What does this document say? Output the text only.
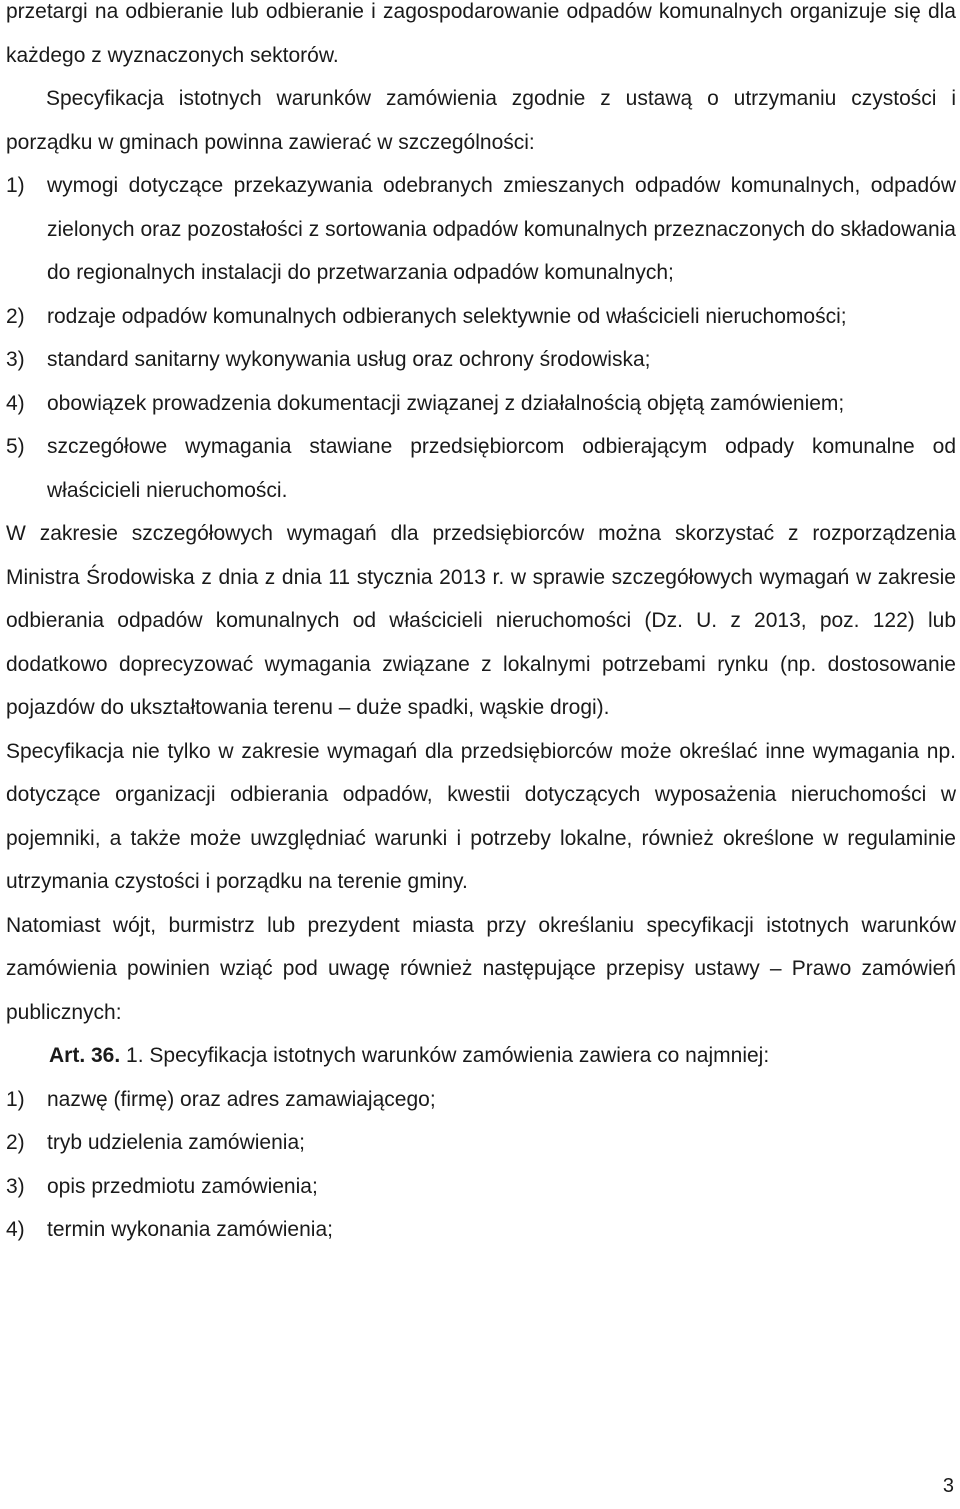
przetargi na odbieranie lub odbieranie i zagospodarowanie odpadów komunalnych organizuje się dla każdego z wyznaczonych sektorów.

Specyfikacja istotnych warunków zamówienia zgodnie z ustawą o utrzymaniu czystości i porządku w gminach powinna zawierać w szczególności:

1)	wymogi dotyczące przekazywania odebranych zmieszanych odpadów komunalnych, odpadów zielonych oraz pozostałości z sortowania odpadów komunalnych przeznaczonych do składowania do regionalnych instalacji do przetwarzania odpadów komunalnych;
2)	rodzaje odpadów komunalnych odbieranych selektywnie od właścicieli nieruchomości;
3)	standard sanitarny wykonywania usług oraz ochrony środowiska;
4)	obowiązek prowadzenia dokumentacji związanej z działalnością objętą zamówieniem;
5)	szczegółowe wymagania stawiane przedsiębiorcom odbierającym odpady komunalne od właścicieli nieruchomości.

W zakresie szczegółowych wymagań dla przedsiębiorców można skorzystać z rozporządzenia Ministra Środowiska z dnia z dnia 11 stycznia 2013 r. w sprawie szczegółowych wymagań w zakresie odbierania odpadów komunalnych od właścicieli nieruchomości (Dz. U. z 2013, poz. 122) lub dodatkowo doprecyzować wymagania związane z lokalnymi potrzebami rynku (np. dostosowanie pojazdów do ukształtowania terenu – duże spadki, wąskie drogi).

Specyfikacja nie tylko w zakresie wymagań dla przedsiębiorców może określać inne wymagania np. dotyczące organizacji odbierania odpadów, kwestii dotyczących wyposażenia nieruchomości w pojemniki, a także może uwzględniać warunki i potrzeby lokalne, również określone w regulaminie utrzymania czystości i porządku na terenie gminy.

Natomiast wójt, burmistrz lub prezydent miasta przy określaniu specyfikacji istotnych warunków zamówienia powinien wziąć pod uwagę również następujące przepisy ustawy – Prawo zamówień publicznych:

Art. 36. 1. Specyfikacja istotnych warunków zamówienia zawiera co najmniej:

1)	nazwę (firmę) oraz adres zamawiającego;
2)	tryb udzielenia zamówienia;
3)	opis przedmiotu zamówienia;
4)	termin wykonania zamówienia;
3
